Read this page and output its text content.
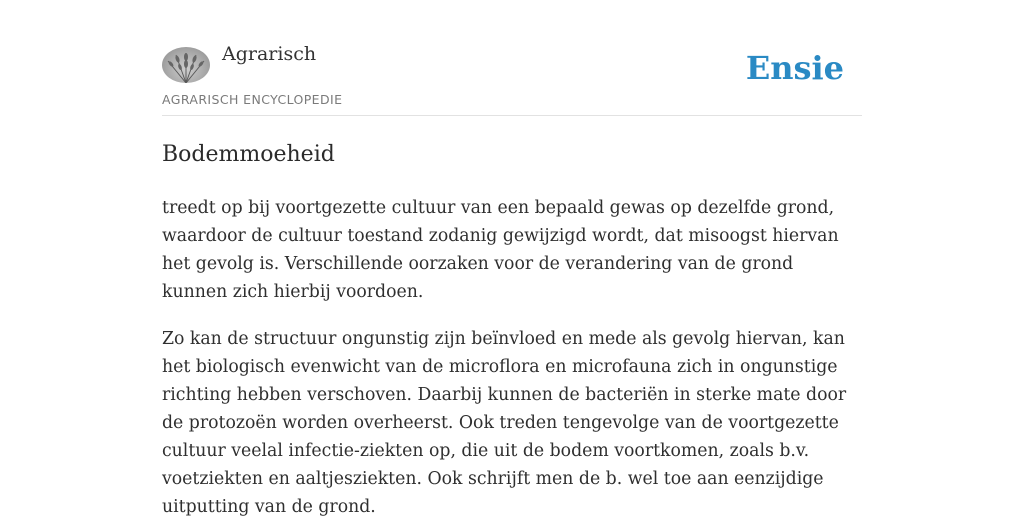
Agrarisch
AGRARISCH ENCYCLOPEDIE
Ensie
Bodemmoeheid

treedt op bij voortgezette cultuur van een bepaald gewas op dezelfde grond, waardoor de cultuur toestand zodanig gewijzigd wordt, dat misoogst hiervan het gevolg is. Verschillende oorzaken voor de verandering van de grond kunnen zich hierbij voordoen.

Zo kan de structuur ongunstig zijn beïnvloed en mede als gevolg hiervan, kan het biologisch evenwicht van de microflora en microfauna zich in ongunstige richting hebben verschoven. Daarbij kunnen de bacteriën in sterke mate door de protozoën worden overheerst. Ook treden tengevolge van de voortgezette cultuur veelal infectie-ziekten op, die uit de bodem voortkomen, zoals b.v. voetziekten en aaltjesziekten. Ook schrijft men de b. wel toe aan eenzijdige uitputting van de grond.
